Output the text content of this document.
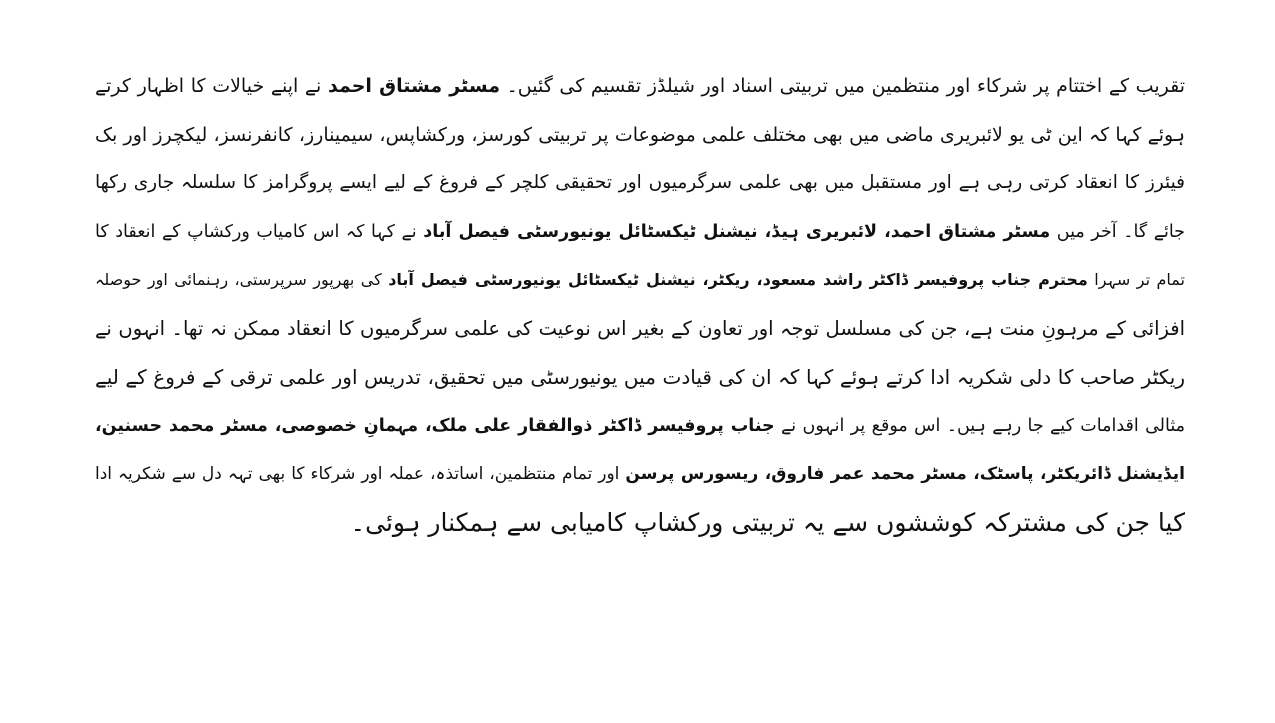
تقریب کے اختتام پر شرکاء اور منتظمین میں تربیتی اسناد اور شیلڈز تقسیم کی گئیں۔ مسٹر مشتاق احمد نے اپنے خیالات کا اظہار کرتے
ہوئے کہا کہ این ٹی یو لائبریری ماضی میں بھی مختلف علمی موضوعات پر تربیتی کورسز، ورکشاپس، سیمینارز، کانفرنسز، لیکچرز اور بک
فیئرز کا انعقاد کرتی رہی ہے اور مستقبل میں بھی علمی سرگرمیوں اور تحقیقی کلچر کے فروغ کے لیے ایسے پروگرامز کا سلسلہ جاری رکھا
جائے گا۔ آخر میں مسٹر مشتاق احمد، لائبریری ہیڈ، نیشنل ٹیکسٹائل یونیورسٹی فیصل آباد نے کہا کہ اس کامیاب ورکشاپ کے انعقاد کا
تمام تر سہرا محترم جناب پروفیسر ڈاکٹر راشد مسعود، ریکٹر، نیشنل ٹیکسٹائل یونیورسٹی فیصل آباد کی بھرپور سرپرستی، رہنمائی اور حوصلہ
افزائی کے مرہونِ منت ہے، جن کی مسلسل توجہ اور تعاون کے بغیر اس نوعیت کی علمی سرگرمیوں کا انعقاد ممکن نہ تھا۔ انہوں نے
ریکٹر صاحب کا دلی شکریہ ادا کرتے ہوئے کہا کہ ان کی قیادت میں یونیورسٹی میں تحقیق، تدریس اور علمی ترقی کے فروغ کے لیے
مثالی اقدامات کیے جا رہے ہیں۔ اس موقع پر انہوں نے جناب پروفیسر ڈاکٹر ذوالفقار علی ملک، مہمانِ خصوصی، مسٹر محمد حسنین،
ایڈیشنل ڈائریکٹر، پاسٹک، مسٹر محمد عمر فاروق، ریسورس پرسن اور تمام منتظمین، اساتذہ، عملہ اور شرکاء کا بھی تہہ دل سے شکریہ ادا
کیا جن کی مشترکہ کوششوں سے یہ تربیتی ورکشاپ کامیابی سے ہمکنار ہوئی۔
